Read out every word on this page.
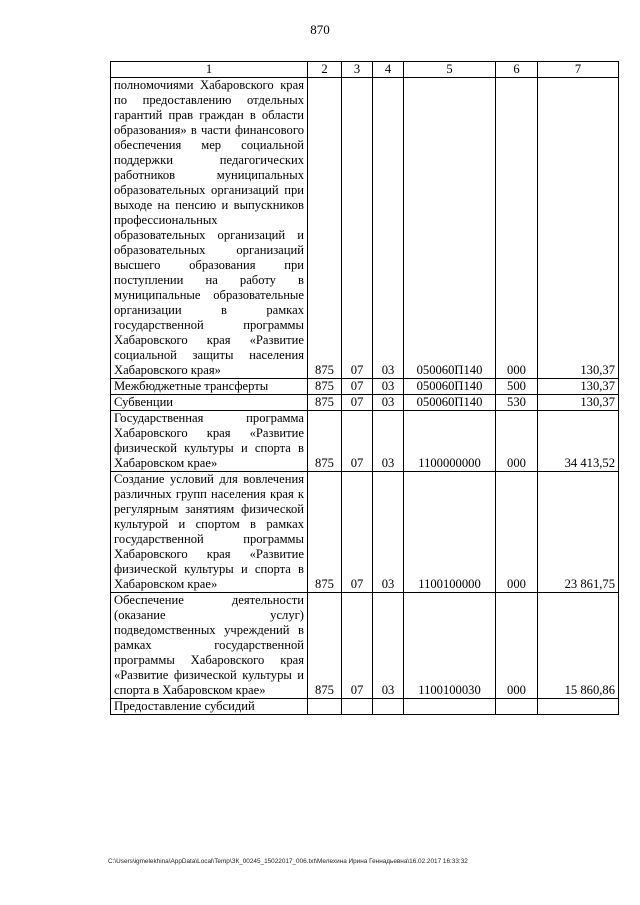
870
1	2	3	4	5	6	7
полномочиями Хабаровского края по предоставлению отдельных гарантий прав граждан в области образования» в части финансового обеспечения мер социальной поддержки педагогических работников муниципальных образовательных организаций при выходе на пенсию и выпускников профессиональных образовательных организаций и образовательных организаций высшего образования при поступлении на работу в муниципальные образовательные организации в рамках государственной программы Хабаровского края «Развитие социальной защиты населения Хабаровского края»	875	07	03	050060П140	000	130,37
Межбюджетные трансферты	875	07	03	050060П140	500	130,37
Субвенции	875	07	03	050060П140	530	130,37
Государственная программа Хабаровского края «Развитие физической культуры и спорта в Хабаровском крае»	875	07	03	1100000000	000	34 413,52
Создание условий для вовлечения различных групп населения края к регулярным занятиям физической культурой и спортом в рамках государственной программы Хабаровского края «Развитие физической культуры и спорта в Хабаровском крае»	875	07	03	1100100000	000	23 861,75
Обеспечение деятельности (оказание услуг) подведомственных учреждений в рамках государственной программы Хабаровского края «Развитие физической культуры и спорта в Хабаровском крае»	875	07	03	1100100030	000	15 860,86
Предоставление субсидий						
C:\Users\igmelekhina\AppData\Local\Temp\ЗК_00245_15022017_006.txt\Мелехина Ирина Геннадьевна\16.02.2017 16:33:32
